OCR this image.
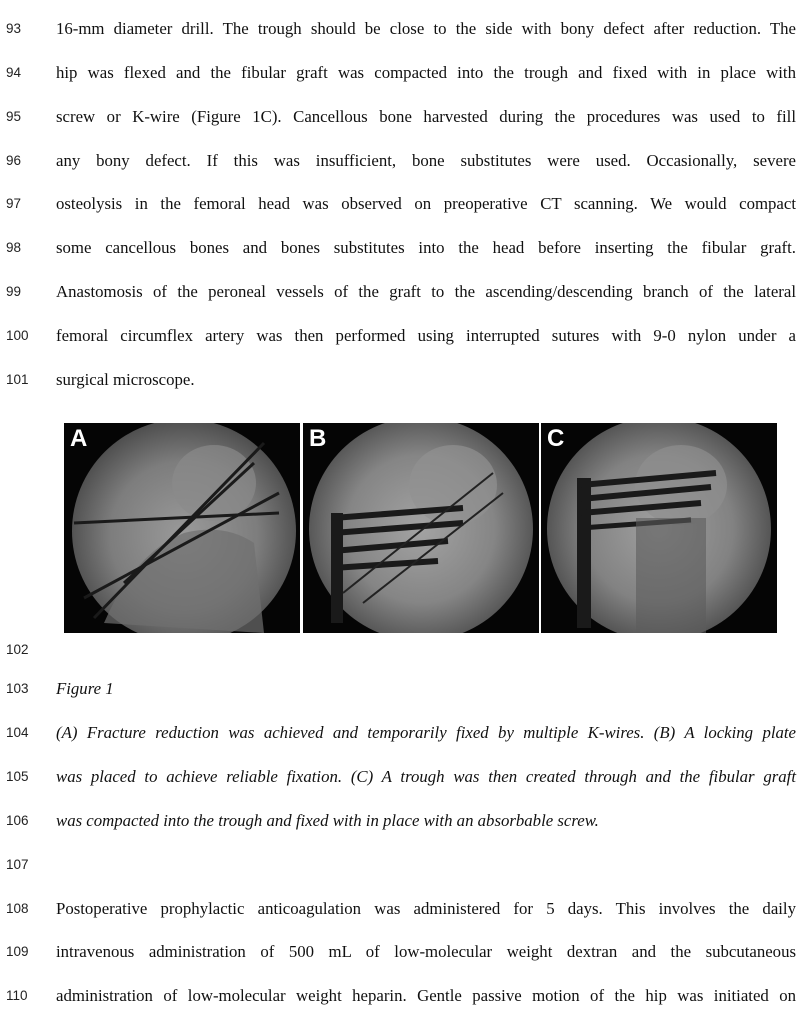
93	16-mm diameter drill. The trough should be close to the side with bony defect after reduction. The
94	hip was flexed and the fibular graft was compacted into the trough and fixed with in place with
95	screw or K-wire (Figure 1C). Cancellous bone harvested during the procedures was used to fill
96	any bony defect. If this was insufficient, bone substitutes were used. Occasionally, severe
97	osteolysis in the femoral head was observed on preoperative CT scanning. We would compact
98	some cancellous bones and bones substitutes into the head before inserting the fibular graft.
99	Anastomosis of the peroneal vessels of the graft to the ascending/descending branch of the lateral
100	femoral circumflex artery was then performed using interrupted sutures with 9-0 nylon under a
101	surgical microscope.
A	B	C
102
103	Figure 1
104	(A) Fracture reduction was achieved and temporarily fixed by multiple K-wires. (B) A locking plate
105	was placed to achieve reliable fixation. (C) A trough was then created through and the fibular graft
106	was compacted into the trough and fixed with in place with an absorbable screw.
107
108	Postoperative prophylactic anticoagulation was administered for 5 days. This involves the daily
109	intravenous administration of 500 mL of low-molecular weight dextran and the subcutaneous
110	administration of low-molecular weight heparin. Gentle passive motion of the hip was initiated on
